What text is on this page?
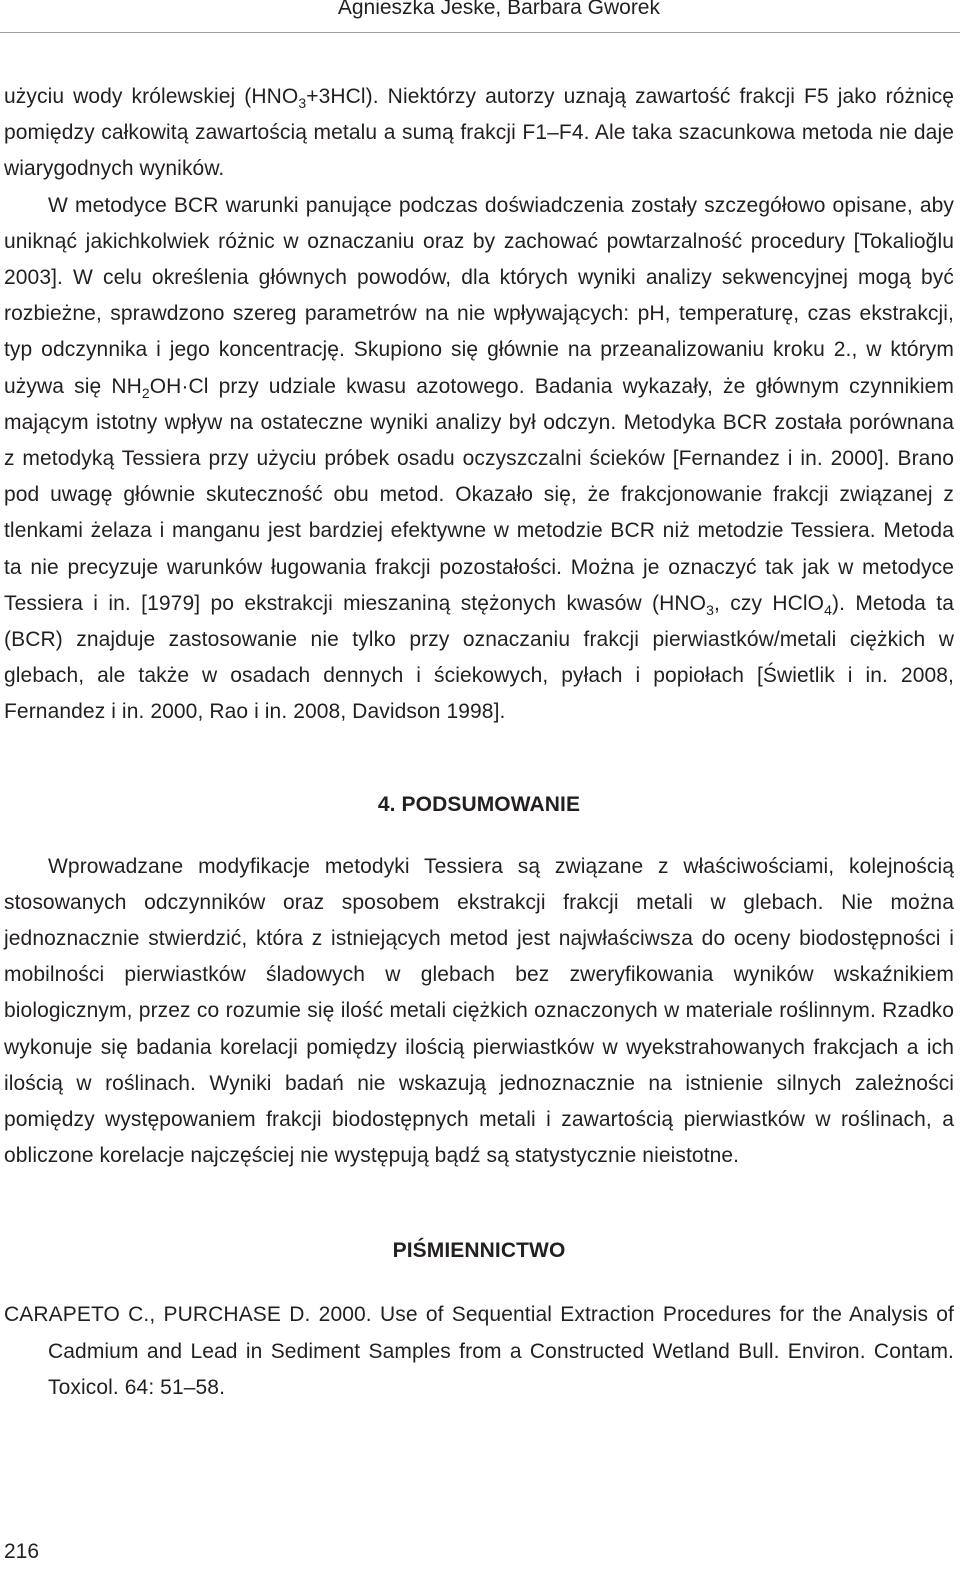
Agnieszka Jeske, Barbara Gworek

użyciu wody królewskiej $(HNO_3+3HCl)$. Niektórzy autorzy uznają zawartość frakcji F5 jako różnicę pomiędzy całkowitą zawartością metalu a sumą frakcji F1–F4. Ale taka szacunkowa metoda nie daje wiarygodnych wyników.

W metodyce BCR warunki panujące podczas doświadczenia zostały szczegółowo opisane, aby uniknąć jakichkolwiek różnic w oznaczaniu oraz by zachować powtarzalność procedury [Tokalioğlu 2003]. W celu określenia głównych powodów, dla których wyniki analizy sekwencyjnej mogą być rozbieżne, sprawdzono szereg parametrów na nie wpływających: pH, temperaturę, czas ekstrakcji, typ odczynnika i jego koncentrację. Skupiono się głównie na przeanalizowaniu kroku 2., w którym używa się $NH_2OH\cdot Cl$ przy udziale kwasu azotowego. Badania wykazały, że głównym czynnikiem mającym istotny wpływ na ostateczne wyniki analizy był odczyn. Metodyka BCR została porównana z metodyką Tessiera przy użyciu próbek osadu oczyszczalni ścieków [Fernandez i in. 2000]. Brano pod uwagę głównie skuteczność obu metod. Okazało się, że frakcjonowanie frakcji związanej z tlenkami żelaza i manganu jest bardziej efektywne w metodzie BCR niż metodzie Tessiera. Metoda ta nie precyzuje warunków ługowania frakcji pozostałości. Można je oznaczyć tak jak w metodyce Tessiera i in. [1979] po ekstrakcji mieszaniną stężonych kwasów ($HNO_3$, czy HClO$_4$). Metoda ta (BCR) znajduje zastosowanie nie tylko przy oznaczaniu frakcji pierwiastków/metali ciężkich w glebach, ale także w osadach dennych i ściekowych, pyłach i popiołach [Świetlik i in. 2008, Fernandez i in. 2000, Rao i in. 2008, Davidson 1998].

4. PODSUMOWANIE

Wprowadzane modyfikacje metodyki Tessiera są związane z właściwościami, kolejnością stosowanych odczynników oraz sposobem ekstrakcji frakcji metali w glebach. Nie można jednoznacznie stwierdzić, która z istniejących metod jest najwłaściwsza do oceny biodostępności i mobilności pierwiastków śladowych w glebach bez zweryfikowania wyników wskaźnikiem biologicznym, przez co rozumie się ilość metali ciężkich oznaczonych w materiale roślinnym. Rzadko wykonuje się badania korelacji pomiędzy ilością pierwiastków w wyekstrahowanych frakcjach a ich ilością w roślinach. Wyniki badań nie wskazują jednoznacznie na istnienie silnych zależności pomiędzy występowaniem frakcji biodostępnych metali i zawartością pierwiastków w roślinach, a obliczone korelacje najczęściej nie występują bądź są statystycznie nieistotne.

PIŚMIENNICTWO

CARAPETO C., PURCHASE D. 2000. Use of Sequential Extraction Procedures for the Analysis of Cadmium and Lead in Sediment Samples from a Constructed Wetland Bull. Environ. Contam. Toxicol. 64: 51–58.

216
